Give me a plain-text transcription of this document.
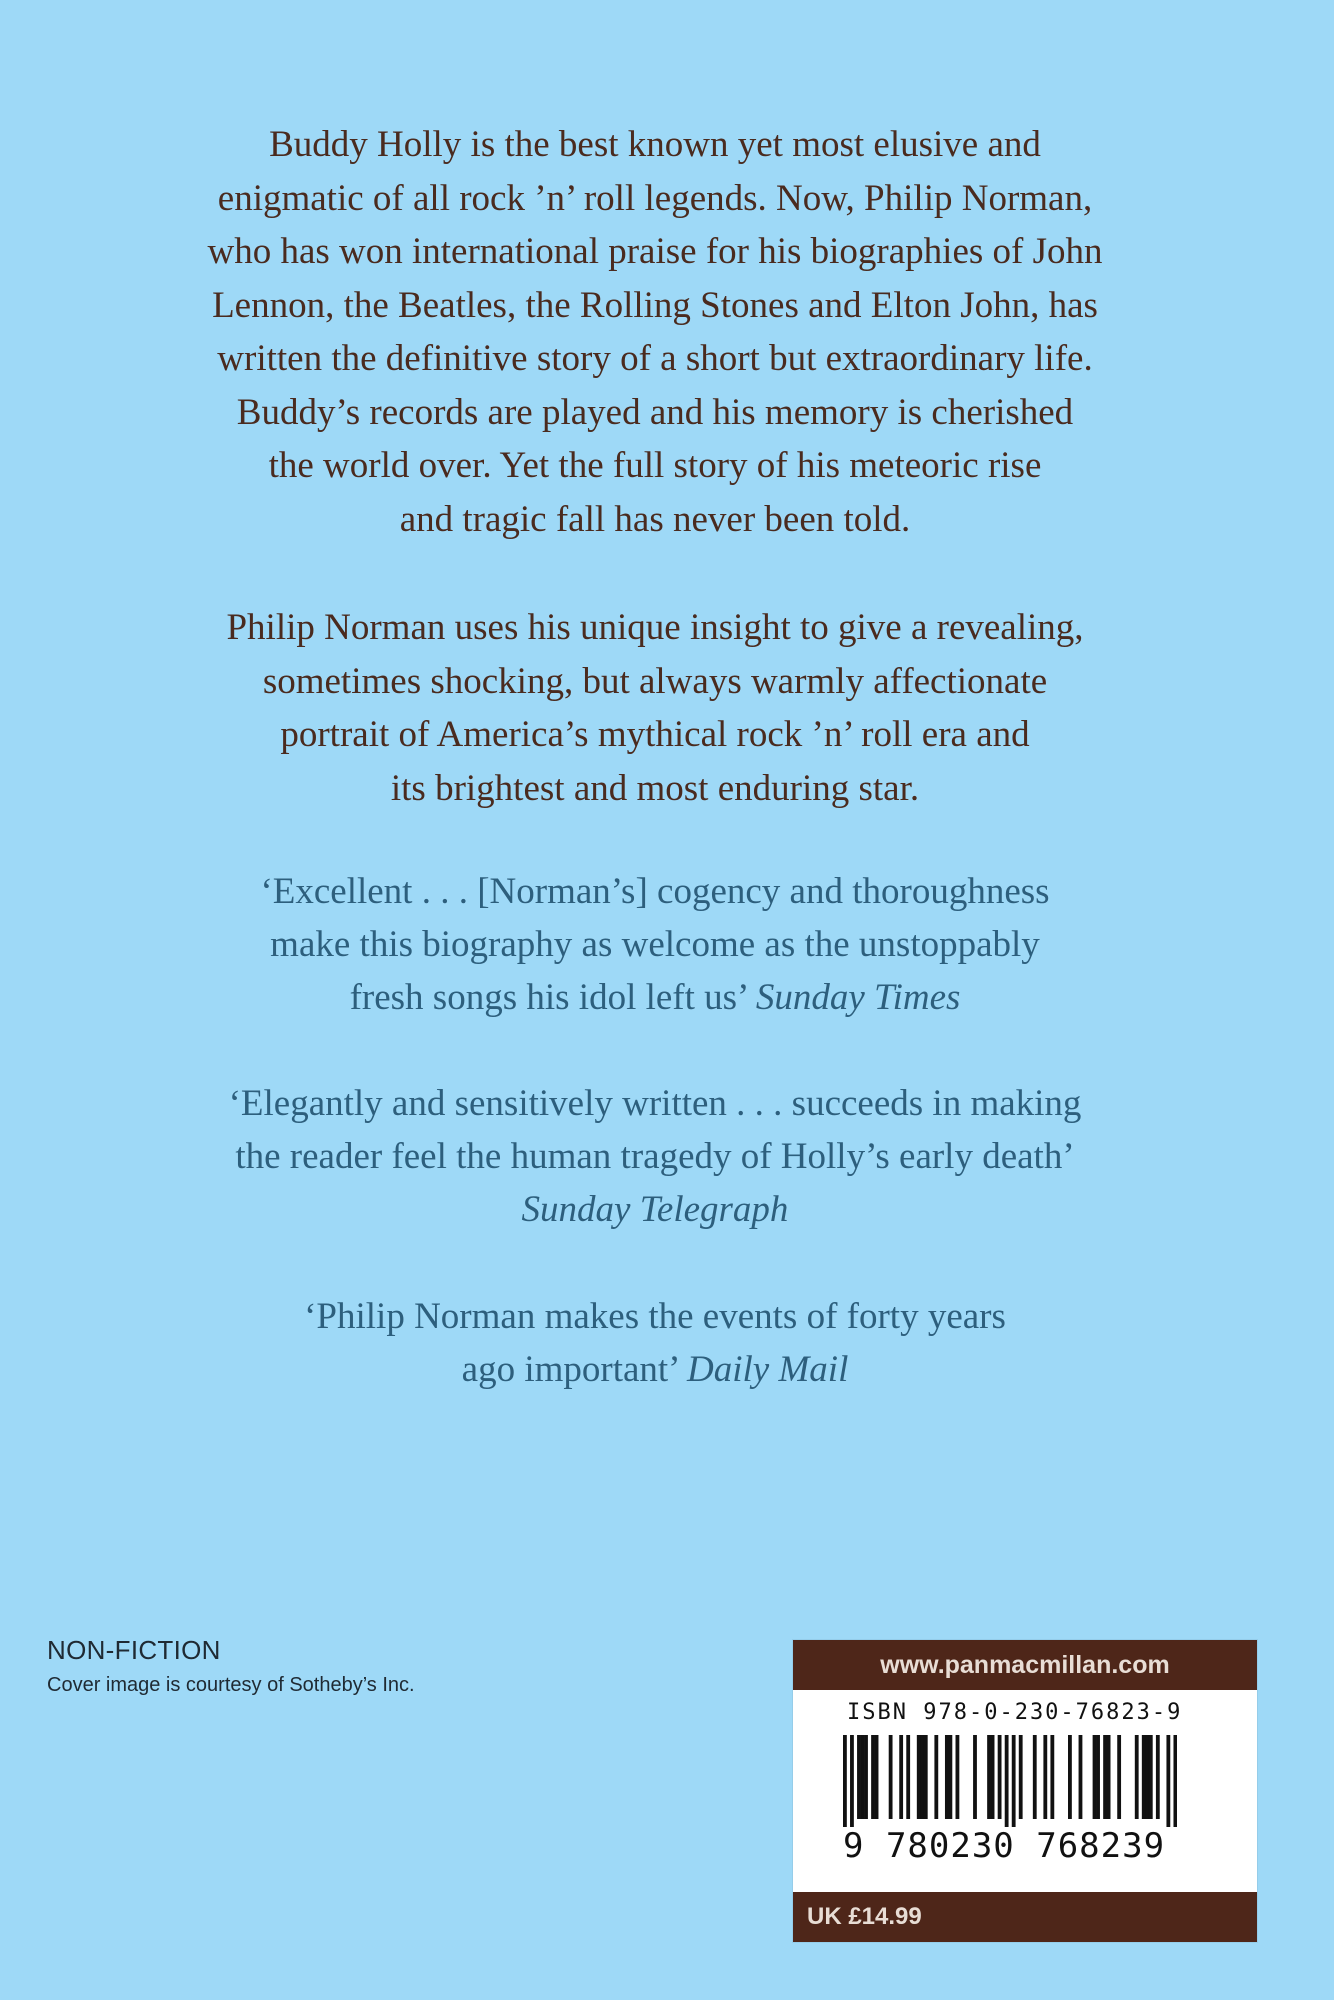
Buddy Holly is the best known yet most elusive and
enigmatic of all rock ’n’ roll legends. Now, Philip Norman,
who has won international praise for his biographies of John
Lennon, the Beatles, the Rolling Stones and Elton John, has
written the definitive story of a short but extraordinary life.
Buddy’s records are played and his memory is cherished
the world over. Yet the full story of his meteoric rise
and tragic fall has never been told.

Philip Norman uses his unique insight to give a revealing,
sometimes shocking, but always warmly affectionate
portrait of America’s mythical rock ’n’ roll era and
its brightest and most enduring star.

‘Excellent . . . [Norman’s] cogency and thoroughness
make this biography as welcome as the unstoppably
fresh songs his idol left us’ Sunday Times
‘Elegantly and sensitively written . . . succeeds in making
the reader feel the human tragedy of Holly’s early death’
Sunday Telegraph
‘Philip Norman makes the events of forty years
ago important’ Daily Mail
NON-FICTION
Cover image is courtesy of Sotheby’s Inc.
www.panmacmillan.com
ISBN 978-0-230-76823-9
9 780230 768239
UK £14.99
